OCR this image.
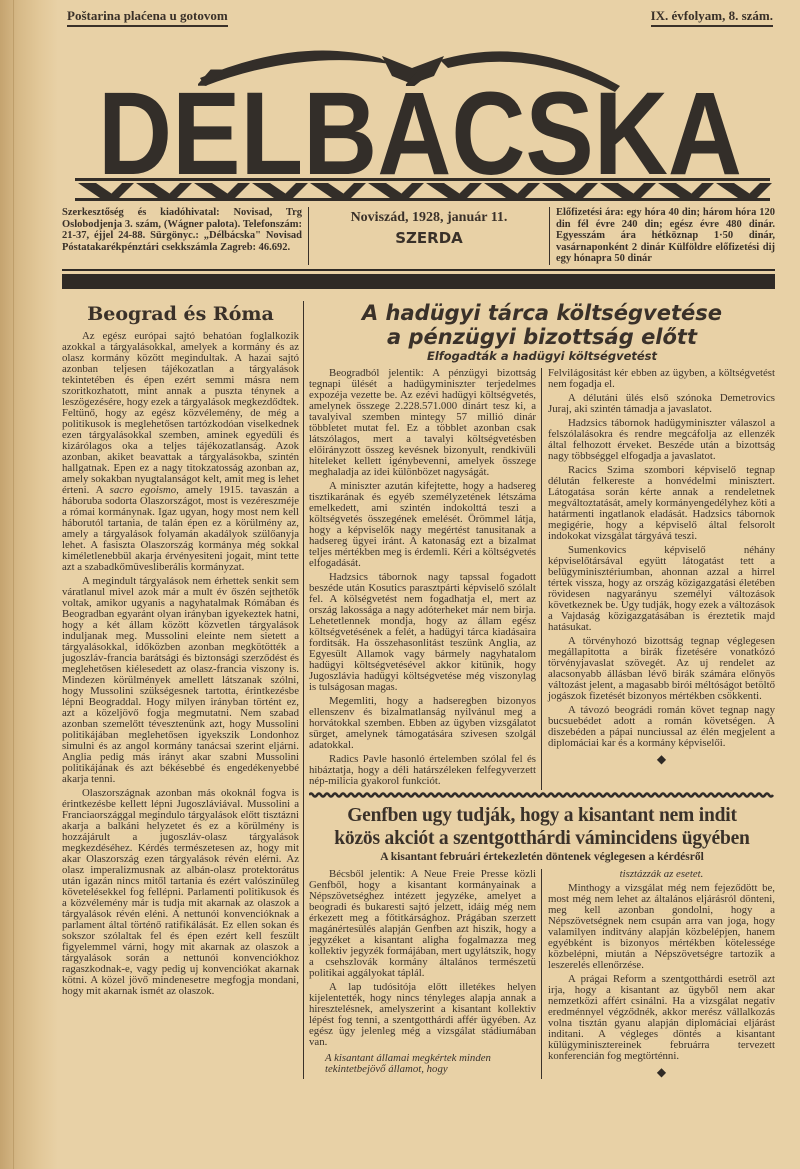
Poštarina plaćena u gotovom	IX. évfolyam, 8. szám.
DÉLBÁCSKA
Szerkesztőség és kiadóhivatal: Novisad, Trg Oslobodjenja 3. szám, (Wágner palota). Telefonszám: 21-37, éjjel 24-88. Sürgönyc.: „Délbácska" Novisad Póstatakarékpénztári csekkszámla Zagreb: 46.692.
Noviszád, 1928, január 11.
SZERDA
Előfizetési ára: egy hóra 40 din; három hóra 120 din fél évre 240 din; egész évre 480 dinár. Egyesszám ára hétköznap 1·50 dinár, vasárnaponként 2 dinár Külföldre előfizetési dij egy hónapra 50 dinár
Beograd és Róma

Az egész európai sajtó behatóan foglalkozik azokkal a tárgyalásokkal, amelyek a kormány és az olasz kormány között megindultak. A hazai sajtó azonban teljesen tájékozatlan a tárgyalások tekintetében és épen ezért semmi másra nem szoritkozhatott, mint annak a puszta ténynek a leszögezésére, hogy ezek a tárgyalások megkezdődtek. Feltünő, hogy az egész közvélemény, de még a politikusok is meglehetősen tartózkodóan viselkednek ezen tárgyalásokkal szemben, aminek egyedüli és kizárólagos oka a teljes tájékozatlanság. Azok azonban, akiket beavattak a tárgyalásokba, szintén hallgatnak. Epen ez a nagy titokzatosság azonban az, amely sokakban nyugtalanságot kelt, amit meg is lehet érteni. A sacro egoismo, amely 1915. tavaszán a háboruba sodorta Olaszországot, most is vezéreszméje a római kormánynak. Igaz ugyan, hogy most nem kell háborutól tartania, de talán épen ez a körülmény az, amely a tárgyalások folyamán akadályok szülőanyja lehet. A fasiszta Olaszország kormánya még sokkal kiméletlenebbül akarja érvényesiteni jogait, mint tette azt a szabadkőmüvesliberális kormányzat.

A megindult tárgyalások nem érhettek senkit sem váratlanul mivel azok már a mult év őszén sejthetők voltak, amikor ugyanis a nagyhatalmak Rómában és Beogradban egyaránt olyan irányban igyekeztek hatni, hogy a két állam között közvetlen tárgyalások induljanak meg. Mussolini eleinte nem sietett a tárgyalásokkal, időközben azonban megkötötték a jugoszláv-francia barátsági és biztonsági szerződést és meglehetősen kiélesedett az olasz-francia viszony is. Mindezen körülmények amellett látszanak szólni, hogy Mussolini szükségesnek tartotta, érintkezésbe lépni Beograddal. Hogy milyen irányban történt ez, azt a közeljövő fogja megmutatni. Nem szabad azonban szemelőtt tévesztenünk azt, hogy Mussolini politikájában meglehetősen igyekszik Londonhoz simulni és az angol kormány tanácsai szerint eljárni. Anglia pedig más irányt akar szabni Mussolini politikájának és azt békésebbé és engedékenyebbé akarja tenni.

Olaszországnak azonban más okoknál fogva is érintkezésbe kellett lépni Jugoszláviával. Mussolini a Franciaországgal megindulo tárgyalások előtt tisztázni akarja a balkáni helyzetet és ez a körülmény is hozzájárult a jugoszláv-olasz tárgyalások megkezdéséhez. Kérdés természetesen az, hogy mit akar Olaszország ezen tárgyalások révén elérni. Az olasz imperalizmusnak az albán-olasz protektorátus után igazán nincs mitől tartania és ezért valószinüleg követelésekkel fog fellépni. Parlamenti politikusok és a közvélemény már is tudja mit akarnak az olaszok a tárgyalások révén eléni. A nettunói konvencióknak a parlament által történő ratifikálását. Ez ellen sokan és sokszor szólaltak fel és épen ezért kell feszült figyelemmel várni, hogy mit akarnak az olaszok a tárgyalások során a nettunói konvenciókhoz ragaszkodnak-e, vagy pedig uj konvenciókat akarnak kötni. A közel jövő mindenesetre megfogja mondani, hogy mit akarnak ismét az olaszok.

A hadügyi tárca költségvetése
a pénzügyi bizottság előtt
Elfogadták a hadügyi költségvetést

Beogradból jelentik: A pénzügyi bizottság tegnapi ülését a hadügyminiszter terjedelmes expozéja vezette be. Az ezévi hadügyi költségvetés, amelynek összege 2.228.571.000 dinárt tesz ki, a tavalyival szemben mintegy 57 millió dinár többletet mutat fel. Ez a többlet azonban csak látszólagos, mert a tavalyi költségvetésben előirányzott összeg kevésnek bizonyult, rendkivüli hiteleket kellett igénybevenni, amelyek összege meghaladja az idei különbözet nagyságát.

A miniszter azután kifejtette, hogy a hadsereg tisztikarának és egyéb személyzetének létszáma emelkedett, ami szintén indokolttá teszi a költségvetés összegének emelését. Örömmel látja, hogy a képviselők nagy megértést tanusitanak a hadsereg ügyei iránt. A katonaság ezt a bizalmat teljes mértékben meg is érdemli. Kéri a költségvetés elfogadását.

Hadzsics tábornok nagy tapssal fogadott beszéde után Kosutics parasztpárti képviselő szólalt fel. A kölségvetést nem fogadhatja el, mert az ország lakossága a nagy adóterheket már nem birja. Lehetetlennek mondja, hogy az állam egész költségvetésének a felét, a hadügyi tárca kiadásaira forditsák. Ha összehasonlitást teszünk Anglia, az Egyesült Allamok vagy bármely nagyhatalom hadügyi költségvetésével akkor kitünik, hogy Jugoszlávia hadügyi költségvetése még viszonylag is tulságosan magas.

Megemliti, hogy a hadseregben bizonyos ellenszenv és bizalmatlanság nyilvánul meg a horvátokkal szemben. Ebben az ügyben vizsgálatot sürget, amelynek támogatására szivesen szolgál adatokkal.

Radics Pavle hasonló értelemben szólal fel és hibáztatja, hogy a déli határszéleken felfegyverzett nép-milicia gyakorol funkciót.

Felvilágositást kér ebben az ügyben, a költségvetést nem fogadja el.

A délutáni ülés első szónoka Demetrovics Juraj, aki szintén támadja a javaslatot.

Hadzsics tábornok hadügyminiszter válaszol a felszólalásokra és rendre megcáfolja az ellenzék által felhozott érveket. Beszéde után a bizottság nagy többséggel elfogadja a javaslatot.

Racics Szima szombori képviselő tegnap délután felkereste a honvédelmi minisztert. Látogatása során kérte annak a rendeletnek megváltoztatását, amely kormányengedélyhez köti a határmenti ingatlanok eladását. Hadzsics tábornok megigérie, hogy a képviselő által felsorolt indokokat vizsgálat tárgyává teszi.

Sumenkovics képviselő néhány képviselőtársával együtt látogatást tett a belügyminisztériumban, ahonnan azzal a hirrel tértek vissza, hogy az ország közigazgatási életében rövidesen nagyarányu személyi változások következnek be. Ugy tudják, hogy ezek a változások a Vajdaság közigazgatásában is éreztetik majd hatásukat.

A törvényhozó bizottság tegnap véglegesen megállapitotta a birák fizetésére vonatkózó törvényjavaslat szövegét. Az uj rendelet az alacsonyabb állásban lévő birák számára előnyös változást jelent, a magasabb birói méltóságot betöltő jogászok fizetését bizonyos mértékben csökkenti.

A távozó beográdi román követ tegnap nagy bucsuebédet adott a román követségen. A diszebéden a pápai nunciussal az élén megjelent a diplomáciai kar és a kormány képviselői.

◆
Genfben ugy tudják, hogy a kisantant nem indit
közös akciót a szentgotthárdi vámincidens ügyében
A kisantant februári értekezletén döntenek véglegesen a kérdésről

Bécsből jelentik: A Neue Freie Presse közli Genfből, hogy a kisantant kormányainak a Népszövetséghez intézett jegyzéke, amelyet a beogradi és bukaresti sajtó jelzett, idáig még nem érkezett meg a főtitkársághoz. Prágában szerzett magánértesülés alapján Genfben azt hiszik, hogy a jegyzéket a kisantant aligha fogalmazza meg kollektiv jegyzék formájában, mert ugylátszik, hogy a csehszlovák kormány általános természetü politikai aggályokat táplál.

A lap tudósitója előtt illetékes helyen kijelentették, hogy nincs tényleges alapja annak a hiresztelésnek, amelyszerint a kisantant kollektiv lépést fog tenni, a szentgotthárdi affér ügyében. Az egész ügy jelenleg még a vizsgálat stádiumában van.

A kisantant államai megkértek minden tekintetbejövő államot, hogy

tisztázzák az esetet.

Minthogy a vizsgálat még nem fejeződött be, most még nem lehet az általános eljárásról dönteni, meg kell azonban gondolni, hogy a Népszövetségnek nem csupán arra van joga, hogy valamilyen inditvány alapján közbelépjen, hanem egyébként is bizonyos mértékben kötelessége közbelépni, miután a Népszövetségre tartozik a leszerelés ellenőrzése.

A prágai Reform a szentgotthárdi esetről azt irja, hogy a kisantant az ügyből nem akar nemzetközi affért csinálni. Ha a vizsgálat negativ eredménnyel végződnék, akkor merész vállalkozás volna tisztán gyanu alapján diplomáciai eljárást inditani. A végleges döntés a kisantant külügyminisztereinek februárra tervezett konferencián fog megtörténni.

◆
